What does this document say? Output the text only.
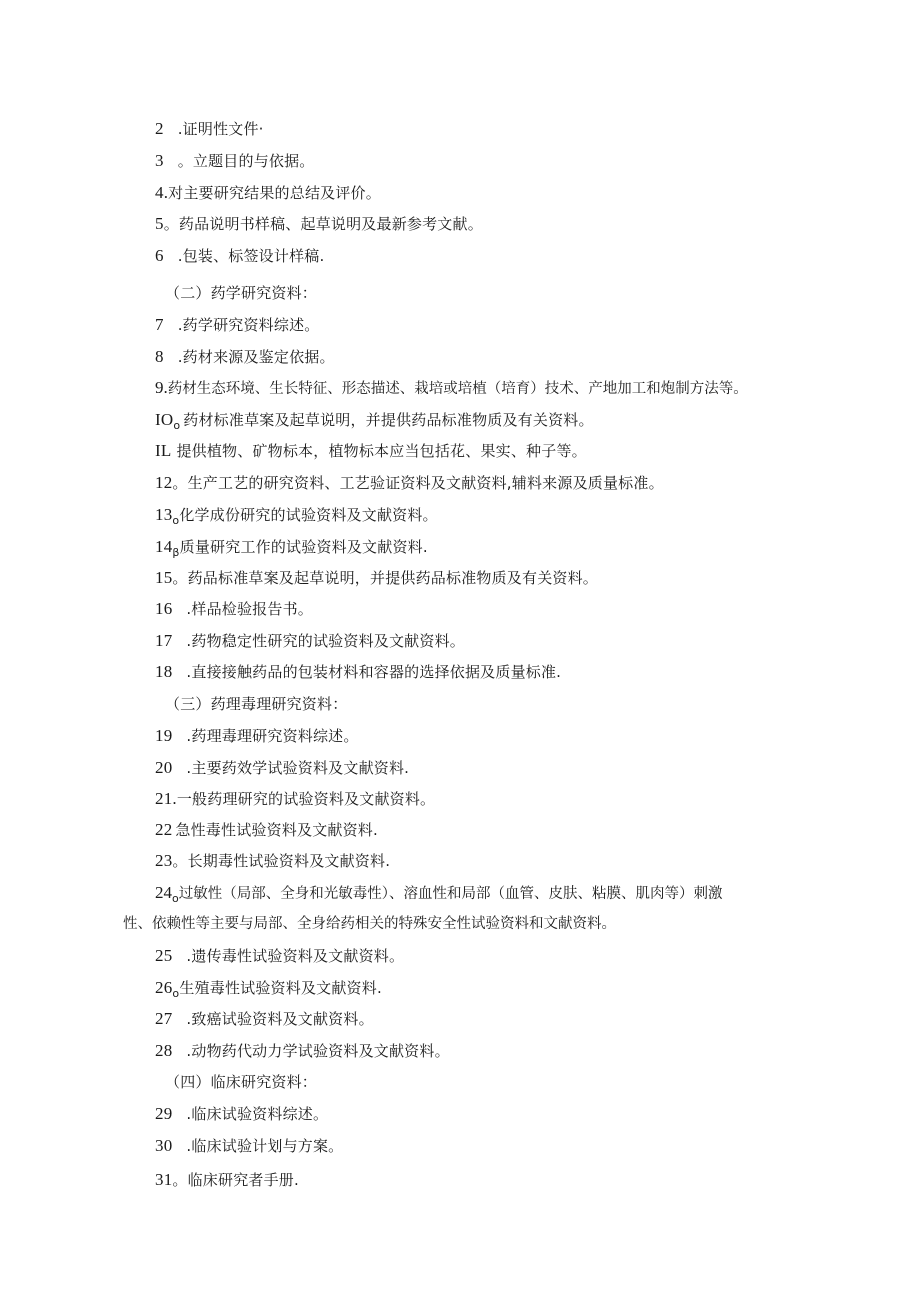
2 .证明性文件·
3 。立题目的与依据。
4.对主要研究结果的总结及评价。
5。药品说明书样稿、起草说明及最新参考文献。
6 .包装、标签设计样稿.
（二）药学研究资料：
7 .药学研究资料综述。
8 .药材来源及鉴定依据。
9.药材生态环境、生长特征、形态描述、栽培或培植（培育）技术、产地加工和炮制方法等。
$IO_o$ 药材标准草案及起草说明，并提供药品标准物质及有关资料。
IL 提供植物、矿物标本，植物标本应当包括花、果实、种子等。
12。生产工艺的研究资料、工艺验证资料及文献资料,辅料来源及质量标准。
$13_o$化学成份研究的试验资料及文献资料。
$14_\beta$质量研究工作的试验资料及文献资料.
15。药品标准草案及起草说明，并提供药品标准物质及有关资料。
16 .样品检验报告书。
17 .药物稳定性研究的试验资料及文献资料。
18 .直接接触药品的包装材料和容器的选择依据及质量标准.
（三）药理毒理研究资料：
19 .药理毒理研究资料综述。
20 .主要药效学试验资料及文献资料.
21.一般药理研究的试验资料及文献资料。
22 急性毒性试验资料及文献资料.
23。长期毒性试验资料及文献资料.
$24_o$过敏性（局部、全身和光敏毒性）、溶血性和局部（血管、皮肤、粘膜、肌肉等）刺激
性、依赖性等主要与局部、全身给药相关的特殊安全性试验资料和文献资料。
25 .遗传毒性试验资料及文献资料。
$26_o$生殖毒性试验资料及文献资料.
27 .致癌试验资料及文献资料。
28 .动物药代动力学试验资料及文献资料。
（四）临床研究资料：
29 .临床试验资料综述。
30 .临床试验计划与方案。
31。临床研究者手册.
